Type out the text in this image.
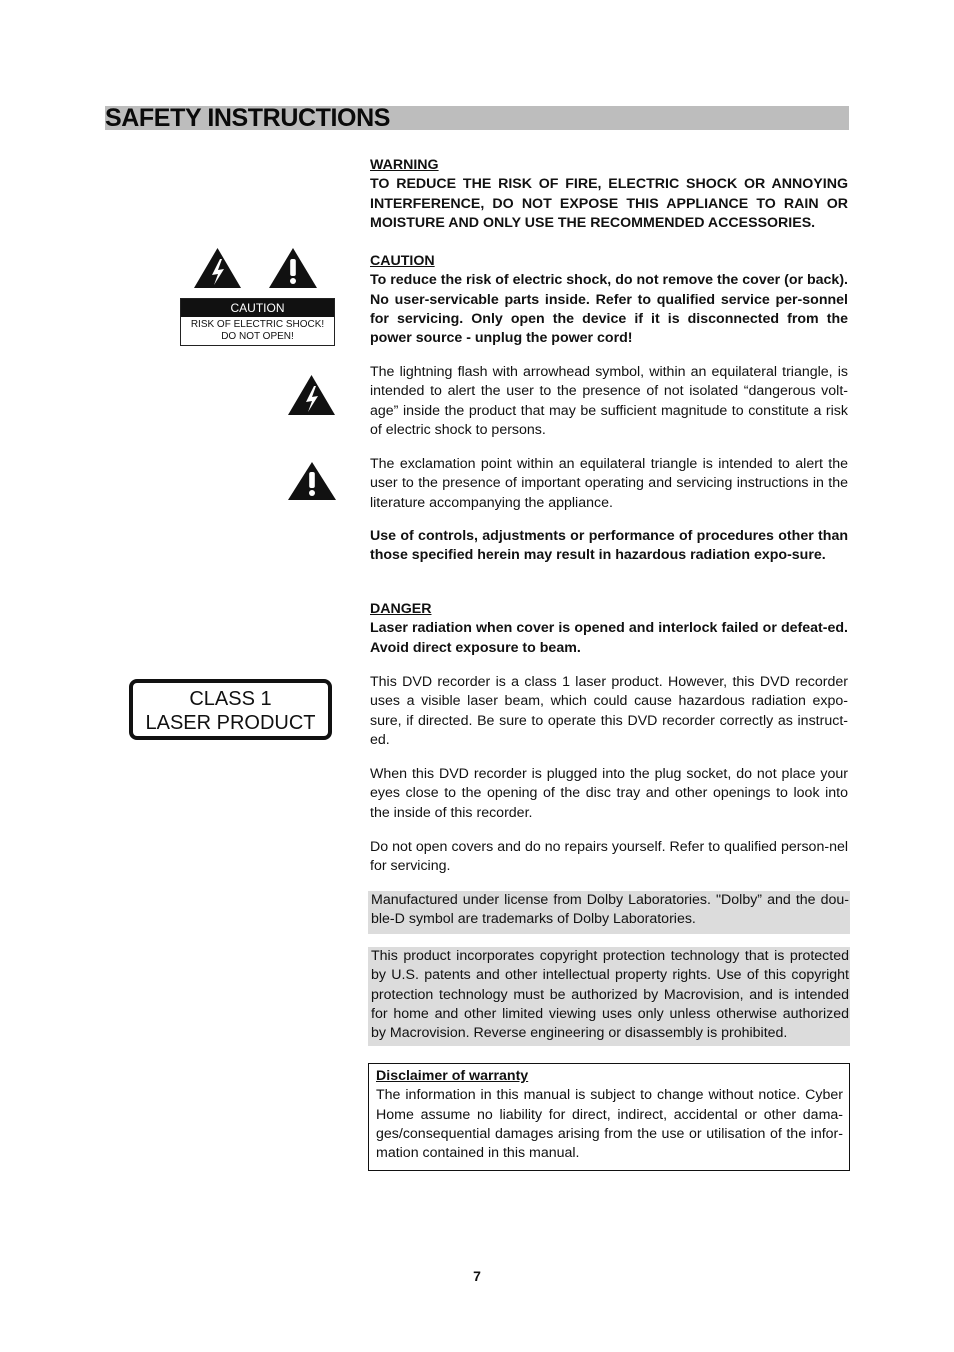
SAFETY INSTRUCTIONS
CAUTION
RISK OF ELECTRIC SHOCK!
DO NOT OPEN!
CLASS 1
LASER PRODUCT
WARNING

TO REDUCE THE RISK OF FIRE, ELECTRIC SHOCK OR ANNOYING INTERFERENCE, DO NOT EXPOSE THIS APPLIANCE TO RAIN OR MOISTURE AND ONLY USE THE RECOMMENDED ACCESSORIES.

CAUTION

To reduce the risk of electric shock, do not remove the cover (or back). No user-servicable parts inside. Refer to qualified service per-sonnel for servicing. Only open the device if it is disconnected from the power source - unplug the power cord!

The lightning flash with arrowhead symbol, within an equilateral triangle, is intended to alert the user to the presence of not isolated “dangerous volt-age” inside the product that may be sufficient magnitude to constitute a risk of electric shock to persons.

The exclamation point within an equilateral triangle is intended to alert the user to the presence of important operating and servicing instructions in the literature accompanying the appliance.

Use of controls, adjustments or performance of procedures other than those specified herein may result in hazardous radiation expo-sure.

DANGER

Laser radiation when cover is opened and interlock failed or defeat-ed. Avoid direct exposure to beam.

This DVD recorder is a class 1 laser product. However, this DVD recorder uses a visible laser beam, which could cause hazardous radiation expo-sure, if directed. Be sure to operate this DVD recorder correctly as instruct-ed.

When this DVD recorder is plugged into the plug socket, do not place your eyes close to the opening of the disc tray and other openings to look into the inside of this recorder.

Do not open covers and do no repairs yourself. Refer to qualified person-nel for servicing.

Manufactured under license from Dolby Laboratories. "Dolby” and the dou-ble-D symbol are trademarks of Dolby Laboratories.

This product incorporates copyright protection technology that is protected by U.S. patents and other intellectual property rights. Use of this copyright protection technology must be authorized by Macrovision, and is intended for home and other limited viewing uses only unless otherwise authorized by Macrovision. Reverse engineering or disassembly is prohibited.

Disclaimer of warranty

The information in this manual is subject to change without notice. Cyber Home assume no liability for direct, indirect, accidental or other dama-ges/consequential damages arising from the use or utilisation of the infor-mation contained in this manual.

7
